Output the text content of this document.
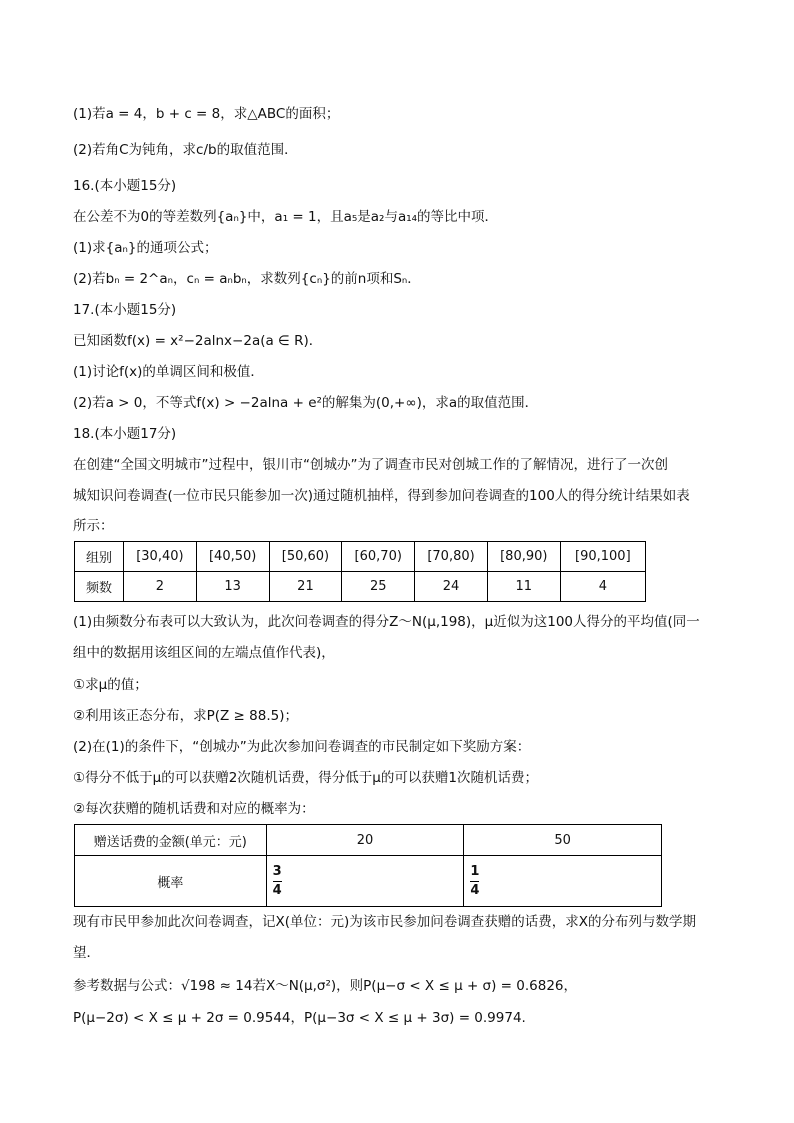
(1)若a = 4，b + c = 8，求△ABC的面积；
(2)若角C为钝角，求c/b的取值范围．
16.(本小题15分)
在公差不为0的等差数列{aₙ}中，a₁ = 1，且a₅是a₂与a₁₄的等比中项．
(1)求{aₙ}的通项公式；
(2)若bₙ = 2^aₙ，cₙ = aₙbₙ，求数列{cₙ}的前n项和Sₙ．
17.(本小题15分)
已知函数f(x) = x²−2alnx−2a(a ∈ R)．
(1)讨论f(x)的单调区间和极值．
(2)若a > 0，不等式f(x) > −2alna + e²的解集为(0,+∞)，求a的取值范围．
18.(本小题17分)
在创建“全国文明城市”过程中，银川市“创城办”为了调查市民对创城工作的了解情况，进行了一次创
城知识问卷调查(一位市民只能参加一次)通过随机抽样，得到参加问卷调查的100人的得分统计结果如表
所示：
组别	[30,40)	[40,50)	[50,60)	[60,70)	[70,80)	[80,90)	[90,100]
频数	2	13	21	25	24	11	4
(1)由频数分布表可以大致认为，此次问卷调查的得分Z～N(μ,198)，μ近似为这100人得分的平均值(同一
组中的数据用该组区间的左端点值作代表)，
①求μ的值；
②利用该正态分布，求P(Z ≥ 88.5)；
(2)在(1)的条件下，“创城办”为此次参加问卷调查的市民制定如下奖励方案：
①得分不低于μ的可以获赠2次随机话费，得分低于μ的可以获赠1次随机话费；
②每次获赠的随机话费和对应的概率为：
赠送话费的金额(单元：元)	20	50
概率	$\frac{3}{4}$	$\frac{1}{4}$
现有市民甲参加此次问卷调查，记X(单位：元)为该市民参加问卷调查获赠的话费，求X的分布列与数学期
望．
参考数据与公式：√198 ≈ 14若X～N(μ,σ²)，则P(μ−σ < X ≤ μ + σ) = 0.6826，
P(μ−2σ) < X ≤ μ + 2σ = 0.9544，P(μ−3σ < X ≤ μ + 3σ) = 0.9974.
